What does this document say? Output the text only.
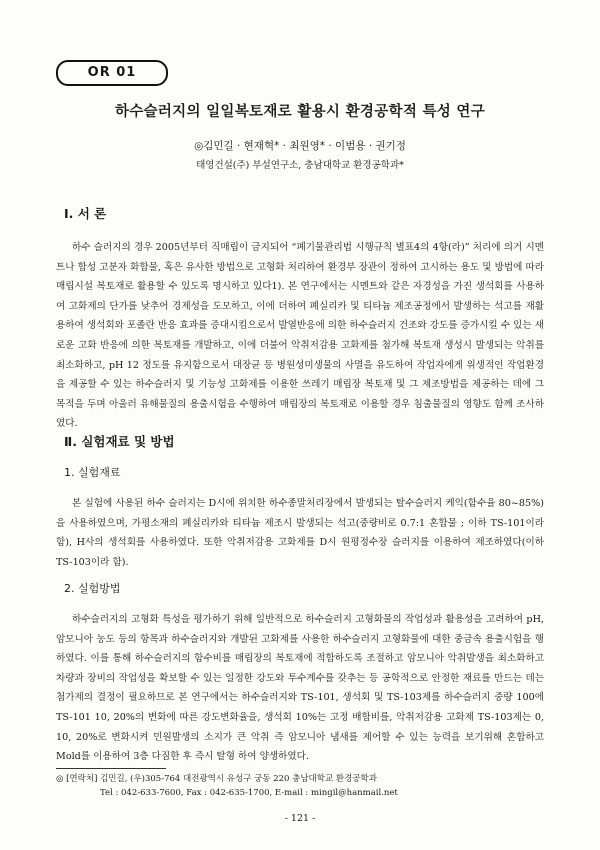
OR 01
하수슬러지의 일일복토재로 활용시 환경공학적 특성 연구
◎김민길 · 현재혁* · 최원영* · 이범용 · 권기정
태영건설(주) 부설연구소, 충남대학교 환경공학과*
Ⅰ. 서 론

하수 슬러지의 경우 2005년부터 직매립이 금지되어 “폐기물관리법 시행규칙 별표4의 4항(라)” 처리에 의거 시멘트나 합성 고분자 화합물, 혹은 유사한 방법으로 고형화 처리하여 환경부 장관이 정하여 고시하는 용도 및 방법에 따라 매립시설 복토재로 활용할 수 있도록 명시하고 있다1). 본 연구에서는 시멘트와 같은 자경성을 가진 생석회를 사용하여 고화제의 단가를 낮추어 경제성을 도모하고, 이에 더하여 폐실리카 및 티타늄 제조공정에서 발생하는 석고를 재활용하여 생석회와 포졸란 반응 효과를 증대시킴으로서 발열반응에 의한 하수슬러지 건조와 강도를 증가시킬 수 있는 새로운 고화 반응에 의한 복토재를 개발하고, 이에 더불어 악취저감용 고화제를 첨가해 복토재 생성시 발생되는 악취를 최소화하고, pH 12 정도를 유지함으로서 대장균 등 병원성미생물의 사멸을 유도하여 작업자에게 위생적인 작업환경을 제공할 수 있는 하수슬러지 및 기능성 고화제를 이용한 쓰레기 매립장 복토재 및 그 제조방법을 제공하는 데에 그 목적을 두며 아울러 유해물질의 용출시험을 수행하여 매립장의 복토재로 이용할 경우 침출물질의 영향도 함께 조사하였다.

Ⅱ. 실험재료 및 방법
1. 실험재료

본 실험에 사용된 하수 슬러지는 D시에 위치한 하수종말처리장에서 발생되는 탈수슬러지 케익(함수율 80~85%)을 사용하였으며, 가평소재의 폐실리카와 티타늄 제조시 발생되는 석고(중량비로 0.7:1 혼합물 ; 이하 TS-101이라 함), H사의 생석회를 사용하였다. 또한 악취저감용 고화제를 D시 원평정수장 슬러지를 이용하여 제조하였다(이하 TS-103이라 함).

2. 실험방법

하수슬러지의 고형화 특성을 평가하기 위해 일반적으로 하수슬러지 고형화물의 작업성과 활용성을 고려하여 pH, 암모니아 농도 등의 항목과 하수슬러지와 개발된 고화제를 사용한 하수슬러지 고형화물에 대한 중금속 용출시험을 행하였다. 이를 통해 하수슬러지의 함수비를 매립장의 복토재에 적합하도록 조절하고 암모니아 악취발생을 최소화하고 차량과 장비의 작업성을 확보할 수 있는 일정한 강도와 투수계수를 갖추는 등 공학적으로 안정한 재료를 만드는 데는 첨가제의 결정이 필요하므로 본 연구에서는 하수슬러지와 TS-101, 생석회 및 TS-103제를 하수슬러지 중량 100에 TS-101 10, 20%의 변화에 따른 강도변화율을, 생석회 10%는 고정 배합비를, 악취저감용 고화제 TS-103제는 0, 10, 20%로 변화시켜 민원발생의 소지가 큰 악취 즉 암모니아 냄새를 제어할 수 있는 능력을 보기위해 혼합하고 Mold를 이용하여 3층 다짐한 후 즉시 탈형 하여 양생하였다.

◎ [연락처] 김민길, (우)305-764 대전광역시 유성구 궁동 220 충남대학교 환경공학과
Tel : 042-633-7600, Fax : 042-635-1700, E-mail : mingil@hanmail.net
- 121 -
